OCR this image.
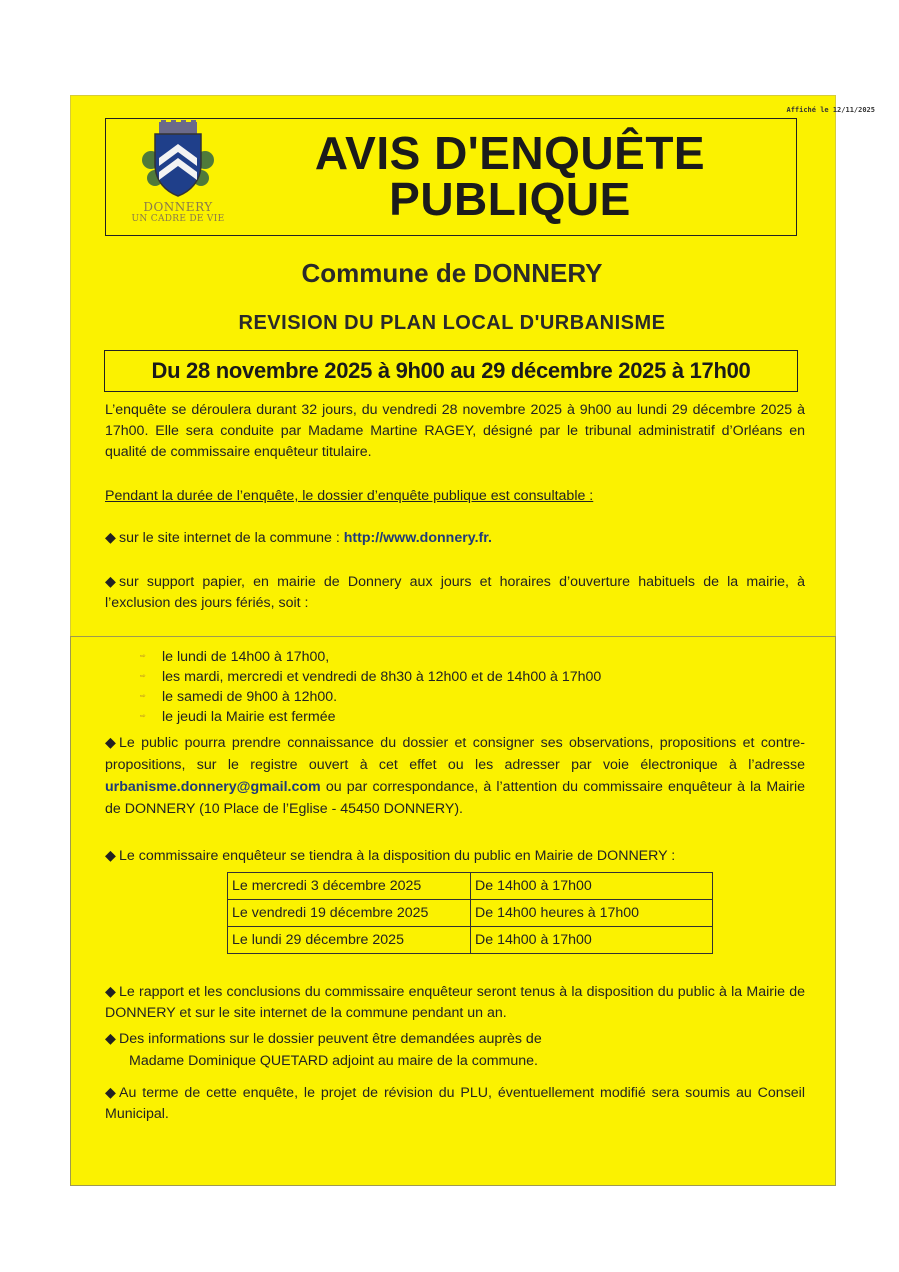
Affiché le 12/11/2025
DONNERY
UN CADRE DE VIE
AVIS D'ENQUÊTE
PUBLIQUE
Commune de DONNERY
REVISION DU PLAN LOCAL D'URBANISME
Du 28 novembre 2025 à 9h00 au 29 décembre 2025 à 17h00
L’enquête se déroulera durant 32 jours, du vendredi 28 novembre 2025 à 9h00 au lundi 29 décembre 2025 à 17h00. Elle sera conduite par Madame Martine RAGEY, désigné par le tribunal administratif d’Orléans en qualité de commissaire enquêteur titulaire.
Pendant la durée de l’enquête, le dossier d’enquête publique est consultable :
◆ sur le site internet de la commune : http://www.donnery.fr.
◆ sur support papier, en mairie de Donnery aux jours et horaires d’ouverture habituels de la mairie, à l’exclusion des jours fériés, soit :
⇨	le lundi de 14h00 à 17h00,
⇨	les mardi, mercredi et vendredi de 8h30 à 12h00 et de 14h00 à 17h00
⇨	le samedi de 9h00 à 12h00.
⇨	le jeudi la Mairie est fermée
◆ Le public pourra prendre connaissance du dossier et consigner ses observations, propositions et contre-propositions, sur le registre ouvert à cet effet ou les adresser par voie électronique à l’adresse urbanisme.donnery@gmail.com ou par correspondance, à l’attention du commissaire enquêteur à la Mairie de DONNERY (10 Place de l’Eglise - 45450 DONNERY).
◆ Le commissaire enquêteur se tiendra à la disposition du public en Mairie de DONNERY :
Le mercredi 3 décembre 2025	De 14h00 à 17h00
Le vendredi 19 décembre 2025	De 14h00 heures à 17h00
Le lundi 29 décembre 2025	De 14h00 à 17h00
◆ Le rapport et les conclusions du commissaire enquêteur seront tenus à la disposition du public à la Mairie de DONNERY et sur le site internet de la commune pendant un an.
◆ Des informations sur le dossier peuvent être demandées auprès de
Madame Dominique QUETARD adjoint au maire de la commune.
◆ Au terme de cette enquête, le projet de révision du PLU, éventuellement modifié sera soumis au Conseil Municipal.
